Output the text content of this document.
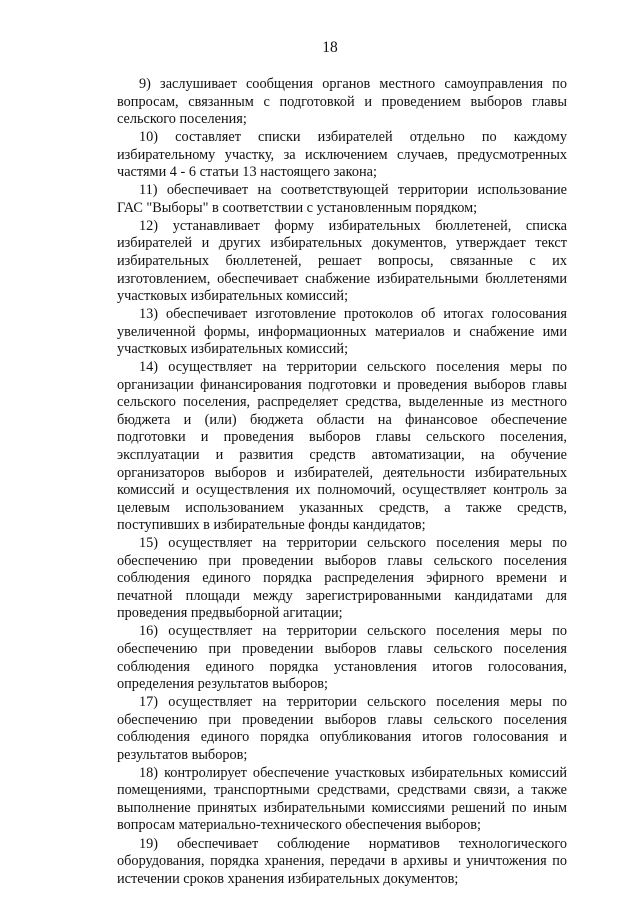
18

9) заслушивает сообщения органов местного самоуправления по вопросам, связанным с подготовкой и проведением выборов главы сельского поселения;

10) составляет списки избирателей отдельно по каждому избирательному участку, за исключением случаев, предусмотренных частями 4 - 6 статьи 13 настоящего закона;

11) обеспечивает на соответствующей территории использование ГАС "Выборы" в соответствии с установленным порядком;

12) устанавливает форму избирательных бюллетеней, списка избирателей и других избирательных документов, утверждает текст избирательных бюллетеней, решает вопросы, связанные с их изготовлением, обеспечивает снабжение избирательными бюллетенями участковых избирательных комиссий;

13) обеспечивает изготовление протоколов об итогах голосования увеличенной формы, информационных материалов и снабжение ими участковых избирательных комиссий;

14) осуществляет на территории сельского поселения меры по организации финансирования подготовки и проведения выборов главы сельского поселения, распределяет средства, выделенные из местного бюджета и (или) бюджета области на финансовое обеспечение подготовки и проведения выборов главы сельского поселения, эксплуатации и развития средств автоматизации, на обучение организаторов выборов и избирателей, деятельности избирательных комиссий и осуществления их полномочий, осуществляет контроль за целевым использованием указанных средств, а также средств, поступивших в избирательные фонды кандидатов;

15) осуществляет на территории сельского поселения меры по обеспечению при проведении выборов главы сельского поселения соблюдения единого порядка распределения эфирного времени и печатной площади между зарегистрированными кандидатами для проведения предвыборной агитации;

16) осуществляет на территории сельского поселения меры по обеспечению при проведении выборов главы сельского поселения соблюдения единого порядка установления итогов голосования, определения результатов выборов;

17) осуществляет на территории сельского поселения меры по обеспечению при проведении выборов главы сельского поселения соблюдения единого порядка опубликования итогов голосования и результатов выборов;

18) контролирует обеспечение участковых избирательных комиссий помещениями, транспортными средствами, средствами связи, а также выполнение принятых избирательными комиссиями решений по иным вопросам материально-технического обеспечения выборов;

19) обеспечивает соблюдение нормативов технологического оборудования, порядка хранения, передачи в архивы и уничтожения по истечении сроков хранения избирательных документов;
